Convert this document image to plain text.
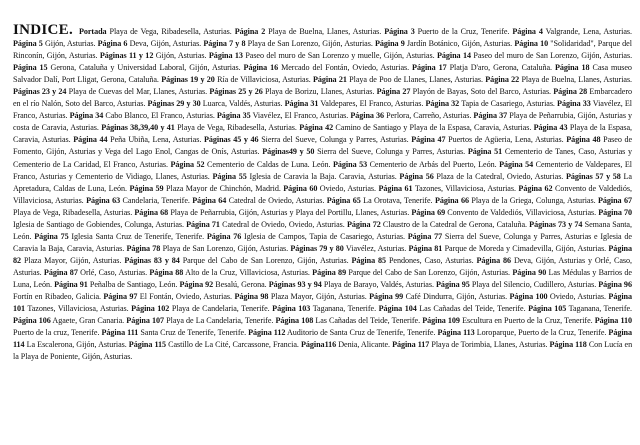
INDICE. Portada Playa de Vega, Ribadesella, Asturias. Página 2 Playa de Buelna, Llanes, Asturias. Página 3 Puerto de la Cruz, Tenerife. Página 4 Valgrande, Lena, Asturias. Página 5 Gijón, Asturias. Página 6 Deva, Gijón, Asturias. Página 7 y 8 Playa de San Lorenzo, Gijón, Asturias. Página 9 Jardín Botánico, Gijón, Asturias. Página 10 "Solidaridad", Parque del Rinconín, Gijón, Asturias. Páginas 11 y 12 Gijón, Asturias. Página 13 Paseo del muro de San Lorenzo y muelle, Gijón, Asturias. Página 14 Paseo del muro de San Lorenzo, Gijón, Asturias. Página 15 Gerona, Cataluña y Universidad Laboral, Gijón, Asturias. Página 16 Mercado del Fontán, Oviedo, Asturias. Página 17 Platja D'aro, Gerona, Cataluña. Página 18 Casa museo Salvador Dalí, Port Lligat, Gerona, Cataluña. Páginas 19 y 20 Ría de Villaviciosa, Asturias. Página 21 Playa de Poo de Llanes, Llanes, Asturias. Página 22 Playa de Buelna, Llanes, Asturias. Páginas 23 y 24 Playa de Cuevas del Mar, Llanes, Asturias. Páginas 25 y 26 Playa de Borizu, Llanes, Asturias. Página 27 Playón de Bayas, Soto del Barco, Asturias. Página 28 Embarcadero en el río Nalón, Soto del Barco, Asturias. Páginas 29 y 30 Luarca, Valdés, Asturias. Página 31 Valdepares, El Franco, Asturias. Página 32 Tapia de Casariego, Asturias. Página 33 Viavélez, El Franco, Asturias. Página 34 Cabo Blanco, El Franco, Asturias. Página 35 Viavélez, El Franco, Asturias. Página 36 Perlora, Carreño, Asturias. Página 37 Playa de Peñarrubia, Gijón, Asturias y costa de Caravia, Asturias. Páginas 38,39,40 y 41 Playa de Vega, Ribadesella, Asturias. Página 42 Camino de Santiago y Playa de la Espasa, Caravia, Asturias. Página 43 Playa de la Espasa, Caravia, Asturias. Página 44 Peña Ubiña, Lena, Asturias. Páginas 45 y 46 Sierra del Sueve, Colunga y Parres, Asturias. Página 47 Puertos de Agüeria, Lena, Asturias. Página 48 Paseo de Fomento, Gijón, Asturias y Vega del Lago Enol, Cangas de Onís, Asturias. Páginas49 y 50 Sierra del Sueve, Colunga y Parres, Asturias. Página 51 Cementerio de Tanes, Caso, Asturias y Cementerio de La Caridad, El Franco, Asturias. Página 52 Cementerio de Caldas de Luna. León. Página 53 Cementerio de Arbás del Puerto, León. Página 54 Cementerio de Valdepares, El Franco, Asturias y Cementerio de Vidiago, Llanes, Asturias. Página 55 Iglesia de Caravia la Baja. Caravia, Asturias. Página 56 Plaza de la Catedral, Oviedo, Asturias. Páginas 57 y 58 La Apretadura, Caldas de Luna, León. Página 59 Plaza Mayor de Chinchón, Madrid. Página 60 Oviedo, Asturias. Página 61 Tazones, Villaviciosa, Asturias. Página 62 Convento de Valdediós, Villaviciosa, Asturias. Página 63 Candelaria, Tenerife. Página 64 Catedral de Oviedo, Asturias. Página 65 La Orotava, Tenerife. Página 66 Playa de la Griega, Colunga, Asturias. Página 67 Playa de Vega, Ribadesella, Asturias. Página 68 Playa de Peñarrubia, Gijón, Asturias y Playa del Portillu, Llanes, Asturias. Página 69 Convento de Valdediós, Villaviciosa, Asturias. Página 70 Iglesia de Santiago de Gobiendes, Colunga, Asturias. Página 71 Catedral de Oviedo, Oviedo, Asturias. Página 72 Claustro de la Catedral de Gerona, Cataluña. Páginas 73 y 74 Semana Santa, León. Página 75 Iglesia Santa Cruz de Tenerife, Tenerife. Página 76 Iglesia de Campos, Tapia de Casariego, Asturias. Página 77 Sierra del Sueve, Colunga y Parres, Asturias e Iglesia de Caravia la Baja, Caravia, Asturias. Página 78 Playa de San Lorenzo, Gijón, Asturias. Páginas 79 y 80 Viavélez, Asturias. Página 81 Parque de Moreda y Cimadevilla, Gijón, Asturias. Página 82 Plaza Mayor, Gijón, Asturias. Páginas 83 y 84 Parque del Cabo de San Lorenzo, Gijón, Asturias. Página 85 Pendones, Caso, Asturias. Página 86 Deva, Gijón, Asturias y Orlé, Caso, Asturias. Página 87 Orlé, Caso, Asturias. Página 88 Alto de la Cruz, Villaviciosa, Asturias. Página 89 Parque del Cabo de San Lorenzo, Gijón, Asturias. Página 90 Las Médulas y Barrios de Luna, León. Página 91 Peñalba de Santiago, León. Página 92 Besalú, Gerona. Páginas 93 y 94 Playa de Barayo, Valdés, Asturias. Página 95 Playa del Silencio, Cudillero, Asturias. Página 96 Fortín en Ribadeo, Galicia. Página 97 El Fontán, Oviedo, Asturias. Página 98 Plaza Mayor, Gijón, Asturias. Página 99 Café Dindurra, Gijón, Asturias. Página 100 Oviedo, Asturias. Página 101 Tazones, Villaviciosa, Asturias. Página 102 Playa de Candelaria, Tenerife. Página 103 Taganana, Tenerife. Página 104 Las Cañadas del Teide, Tenerife. Página 105 Taganana, Tenerife. Página 106 Agaete, Gran Canaria. Página 107 Playa de La Candelaria, Tenerife. Página 108 Las Cañadas del Teide, Tenerife. Página 109 Escultura en Puerto de la Cruz, Tenerife. Página 110 Puerto de la cruz, Tenerife. Página 111 Santa Cruz de Tenerife, Tenerife. Página 112 Auditorio de Santa Cruz de Tenerife, Tenerife. Página 113 Loroparque, Puerto de la Cruz, Tenerife. Página 114 La Escalerona, Gijón, Asturias. Página 115 Castillo de La Cité, Carcassone, Francia. Página116 Denia, Alicante. Página 117 Playa de Torimbia, Llanes, Asturias. Página 118 Con Lucía en la Playa de Poniente, Gijón, Asturias.
